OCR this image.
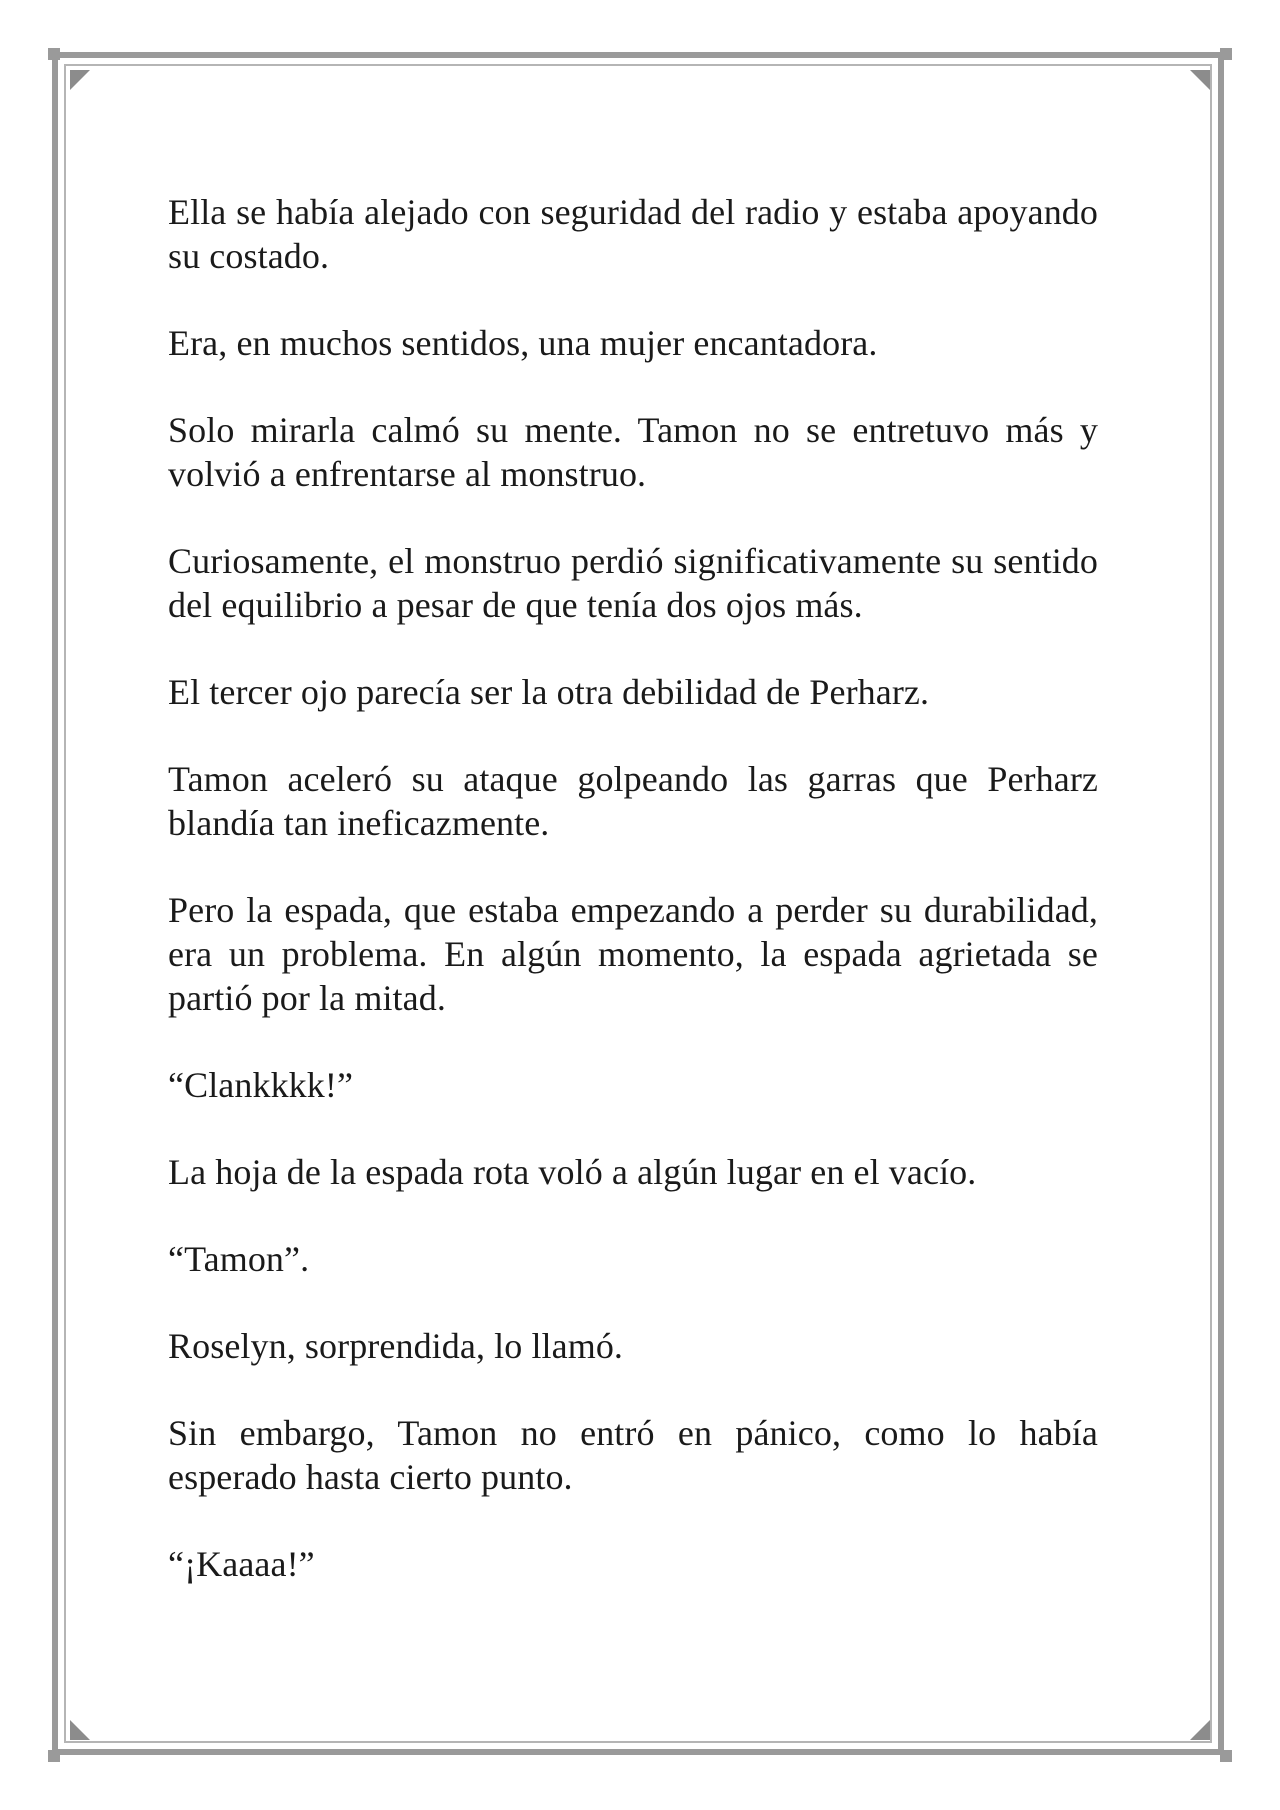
Ella se había alejado con seguridad del radio y estaba apoyando su costado.

Era, en muchos sentidos, una mujer encantadora.

Solo mirarla calmó su mente. Tamon no se entretuvo más y volvió a enfrentarse al monstruo.

Curiosamente, el monstruo perdió significativamente su sentido del equilibrio a pesar de que tenía dos ojos más.

El tercer ojo parecía ser la otra debilidad de Perharz.

Tamon aceleró su ataque golpeando las garras que Perharz blandía tan ineficazmente.

Pero la espada, que estaba empezando a perder su durabilidad, era un problema. En algún momento, la espada agrietada se partió por la mitad.

“Clankkkk!”

La hoja de la espada rota voló a algún lugar en el vacío.

“Tamon”.

Roselyn, sorprendida, lo llamó.

Sin embargo, Tamon no entró en pánico, como lo había esperado hasta cierto punto.

“¡Kaaaa!”
